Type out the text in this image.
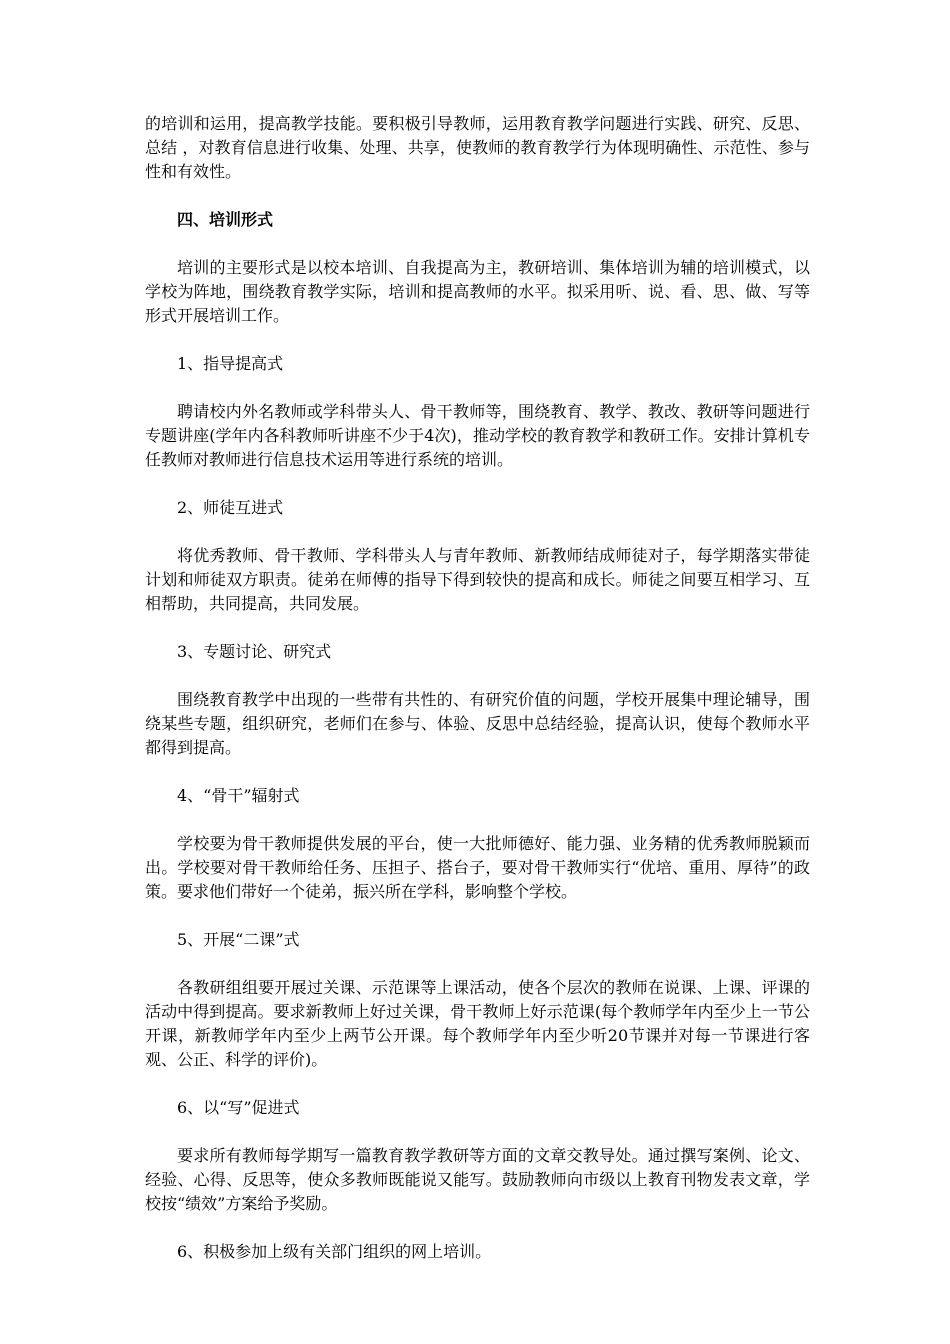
的培训和运用，提高教学技能。要积极引导教师，运用教育教学问题进行实践、研究、反思、 总结 ，对教育信息进行收集、处理、共享，使教师的教育教学行为体现明确性、示范性、参与性和有效性。

四、培训形式

培训的主要形式是以校本培训、自我提高为主，教研培训、集体培训为辅的培训模式，以学校为阵地，围绕教育教学实际，培训和提高教师的水平。拟采用听、说、看、思、做、写等形式开展培训工作。

1、指导提高式

聘请校内外名教师或学科带头人、骨干教师等，围绕教育、教学、教改、教研等问题进行专题讲座(学年内各科教师听讲座不少于4次)，推动学校的教育教学和教研工作。安排计算机专任教师对教师进行信息技术运用等进行系统的培训。

2、师徒互进式

将优秀教师、骨干教师、学科带头人与青年教师、新教师结成师徒对子，每学期落实带徒计划和师徒双方职责。徒弟在师傅的指导下得到较快的提高和成长。师徒之间要互相学习、互相帮助，共同提高，共同发展。

3、专题讨论、研究式

围绕教育教学中出现的一些带有共性的、有研究价值的问题，学校开展集中理论辅导，围绕某些专题，组织研究，老师们在参与、体验、反思中总结经验，提高认识，使每个教师水平都得到提高。

4、“骨干”辐射式

学校要为骨干教师提供发展的平台，使一大批师德好、能力强、业务精的优秀教师脱颖而出。学校要对骨干教师给任务、压担子、搭台子，要对骨干教师实行“优培、重用、厚待”的政策。要求他们带好一个徒弟，振兴所在学科，影响整个学校。

5、开展“二课”式

各教研组组要开展过关课、示范课等上课活动，使各个层次的教师在说课、上课、评课的活动中得到提高。要求新教师上好过关课，骨干教师上好示范课(每个教师学年内至少上一节公开课，新教师学年内至少上两节公开课。每个教师学年内至少听20节课并对每一节课进行客观、公正、科学的评价)。

6、以“写”促进式

要求所有教师每学期写一篇教育教学教研等方面的文章交教导处。通过撰写案例、论文、经验、心得、反思等，使众多教师既能说又能写。鼓励教师向市级以上教育刊物发表文章，学校按“绩效”方案给予奖励。

6、积极参加上级有关部门组织的网上培训。
